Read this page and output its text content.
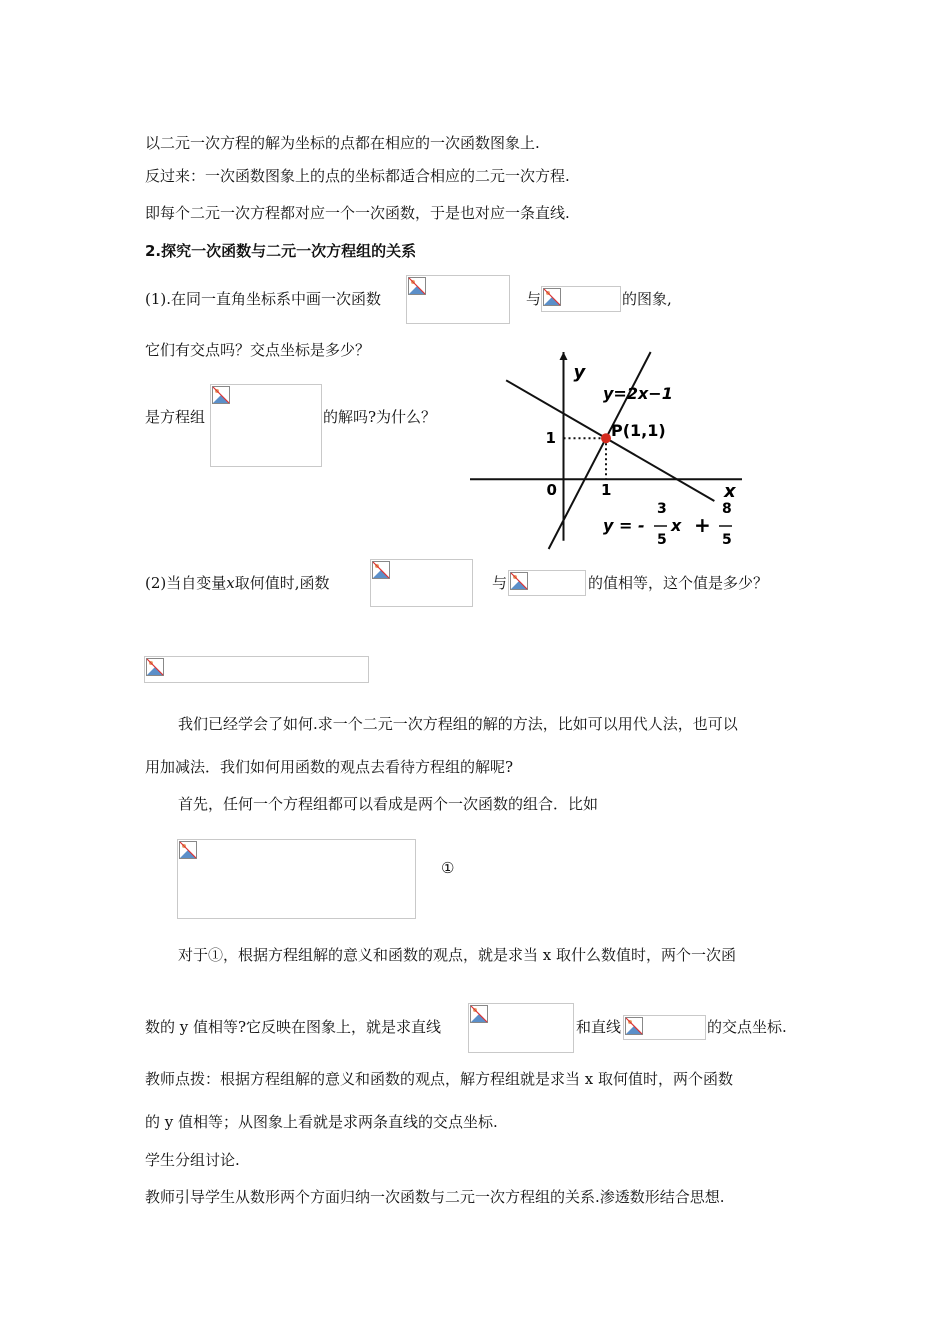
以二元一次方程的解为坐标的点都在相应的一次函数图象上.
反过来：一次函数图象上的点的坐标都适合相应的二元一次方程.
即每个二元一次方程都对应一个一次函数，于是也对应一条直线.
2.探究一次函数与二元一次方程组的关系
(1).在同一直角坐标系中画一次函数	与	的图象,
它们有交点吗？交点坐标是多少？
是方程组	的解吗?为什么？
y
x
0	1
1	P(1,1)
y=2x−1
y = -
3
5
x +
8
5
(2)当自变量x取何值时,函数	与	的值相等，这个值是多少？
我们已经学会了如何.求一个二元一次方程组的解的方法，比如可以用代人法，也可以
用加减法．我们如何用函数的观点去看待方程组的解呢?
首先，任何一个方程组都可以看成是两个一次函数的组合．比如
①
对于①，根据方程组解的意义和函数的观点，就是求当 x 取什么数值时，两个一次函
数的 y 值相等?它反映在图象上，就是求直线	和直线	的交点坐标.
教师点拨：根据方程组解的意义和函数的观点，解方程组就是求当 x 取何值时，两个函数
的 y 值相等；从图象上看就是求两条直线的交点坐标.
学生分组讨论.
教师引导学生从数形两个方面归纳一次函数与二元一次方程组的关系.渗透数形结合思想.
